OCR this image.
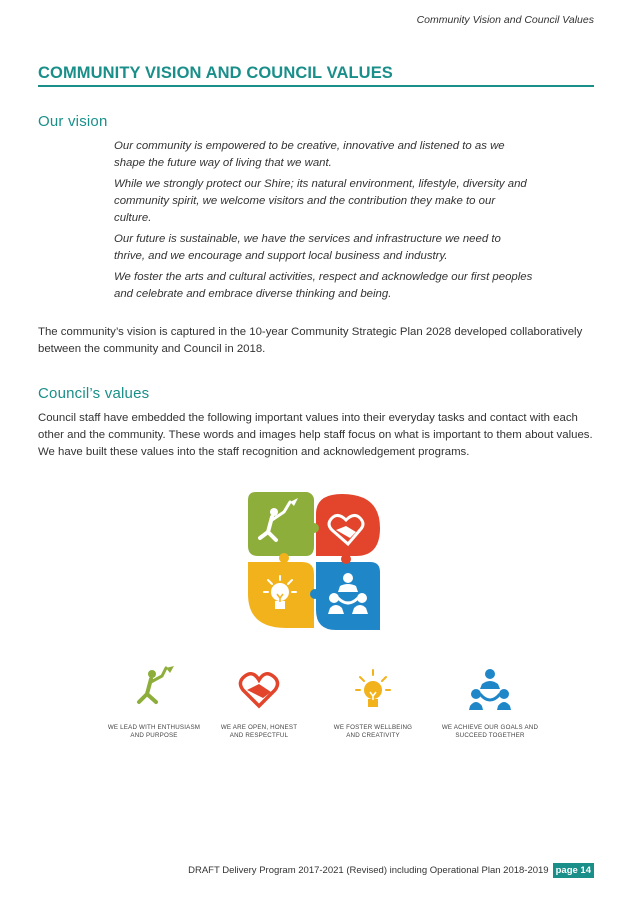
Community Vision and Council Values
COMMUNITY VISION AND COUNCIL VALUES
Our vision

Our community is empowered to be creative, innovative and listened to as we shape the future way of living that we want.

While we strongly protect our Shire; its natural environment, lifestyle, diversity and community spirit, we welcome visitors and the contribution they make to our culture.

Our future is sustainable, we have the services and infrastructure we need to thrive, and we encourage and support local business and industry.

We foster the arts and cultural activities, respect and acknowledge our first peoples and celebrate and embrace diverse thinking and being.

The community’s vision is captured in the 10-year Community Strategic Plan 2028 developed collaboratively between the community and Council in 2018.

Council’s values

Council staff have embedded the following important values into their everyday tasks and contact with each other and the community. These words and images help staff focus on what is important to them about values. We have built these values into the staff recognition and acknowledgement programs.

WE LEAD WITH ENTHUSIASM
AND PURPOSE
WE ARE OPEN, HONEST
AND RESPECTFUL
WE FOSTER WELLBEING
AND CREATIVITY
WE ACHIEVE OUR GOALS AND
SUCCEED TOGETHER
DRAFT Delivery Program 2017-2021 (Revised) including Operational Plan 2018-2019 page 14
